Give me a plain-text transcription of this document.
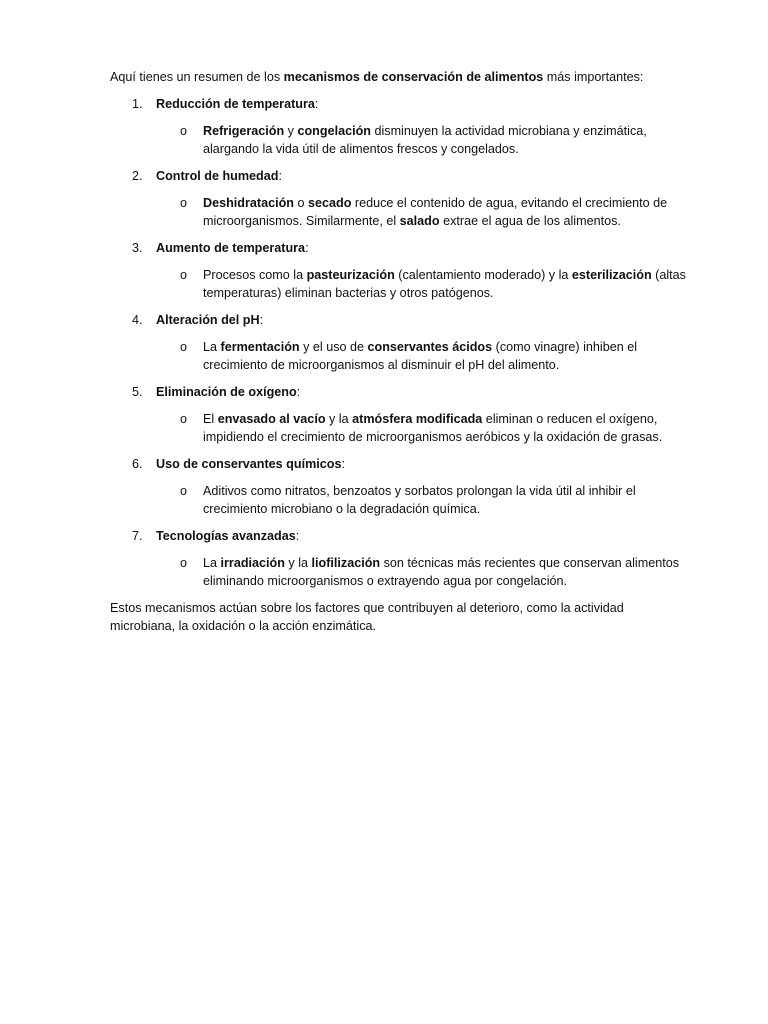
Aquí tienes un resumen de los mecanismos de conservación de alimentos más importantes:

1.	Reducción de temperatura:
o Refrigeración y congelación disminuyen la actividad microbiana y enzimática, alargando la vida útil de alimentos frescos y congelados.
2.	Control de humedad:
o Deshidratación o secado reduce el contenido de agua, evitando el crecimiento de microorganismos. Similarmente, el salado extrae el agua de los alimentos.
3.	Aumento de temperatura:
o Procesos como la pasteurización (calentamiento moderado) y la esterilización (altas temperaturas) eliminan bacterias y otros patógenos.
4.	Alteración del pH:
o La fermentación y el uso de conservantes ácidos (como vinagre) inhiben el crecimiento de microorganismos al disminuir el pH del alimento.
5.	Eliminación de oxígeno:
o El envasado al vacío y la atmósfera modificada eliminan o reducen el oxígeno, impidiendo el crecimiento de microorganismos aeróbicos y la oxidación de grasas.
6.	Uso de conservantes químicos:
o Aditivos como nitratos, benzoatos y sorbatos prolongan la vida útil al inhibir el crecimiento microbiano o la degradación química.
7.	Tecnologías avanzadas:
o La irradiación y la liofilización son técnicas más recientes que conservan alimentos eliminando microorganismos o extrayendo agua por congelación.

Estos mecanismos actúan sobre los factores que contribuyen al deterioro, como la actividad microbiana, la oxidación o la acción enzimática.
